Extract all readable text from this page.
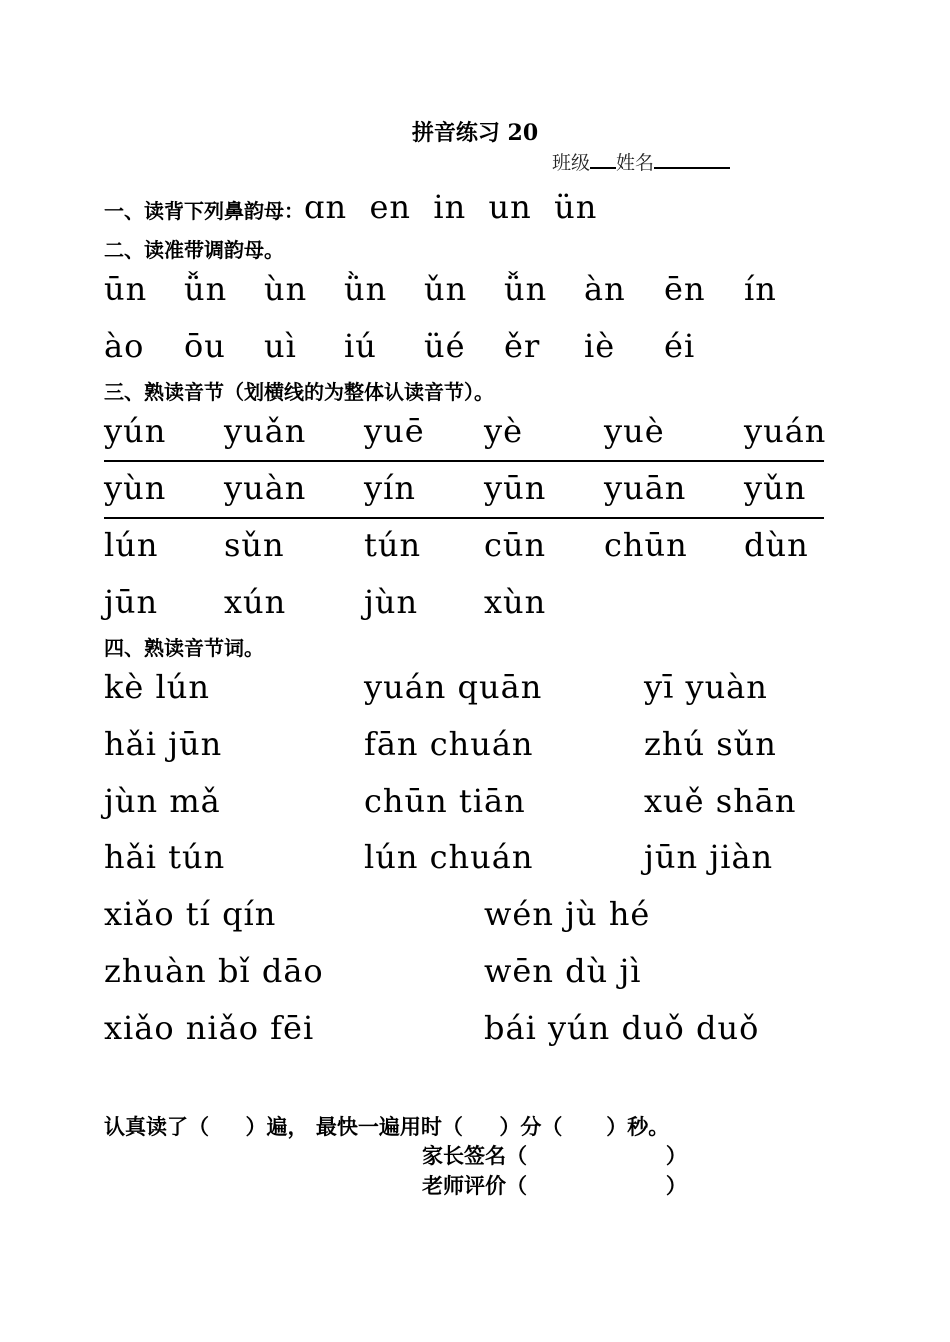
拼音练习 20
班级 姓名
一、读背下列鼻韵母：ɑn  en  in  un  ün
二、读准带调韵母。
ūn ǚn ùn ǜn ǔn ǚn àn ēn ín
ào ōu uì iú üé ěr iè éi
三、熟读音节（划横线的为整体认读音节）。
yún yuǎn yuē yè	yuè yuán
yùn yuàn yín yūn yuān yǔn
lún sǔn tún cūn chūn dùn
jūn xún jùn xùn
四、熟读音节词。
kè lún	yuán quān	yī yuàn
hǎi jūn	fān chuán	zhú sǔn
jùn mǎ	chūn tiān	xuě shān
hǎi tún	lún chuán	jūn jiàn
xiǎo tí qín	wén jù hé
zhuàn bǐ dāo	wēn dù jì
xiǎo niǎo fēi	bái yún duǒ duǒ
认真读了（     ）遍， 最快一遍用时（     ）分（      ）秒。
家长签名（                   ）
老师评价（                   ）
